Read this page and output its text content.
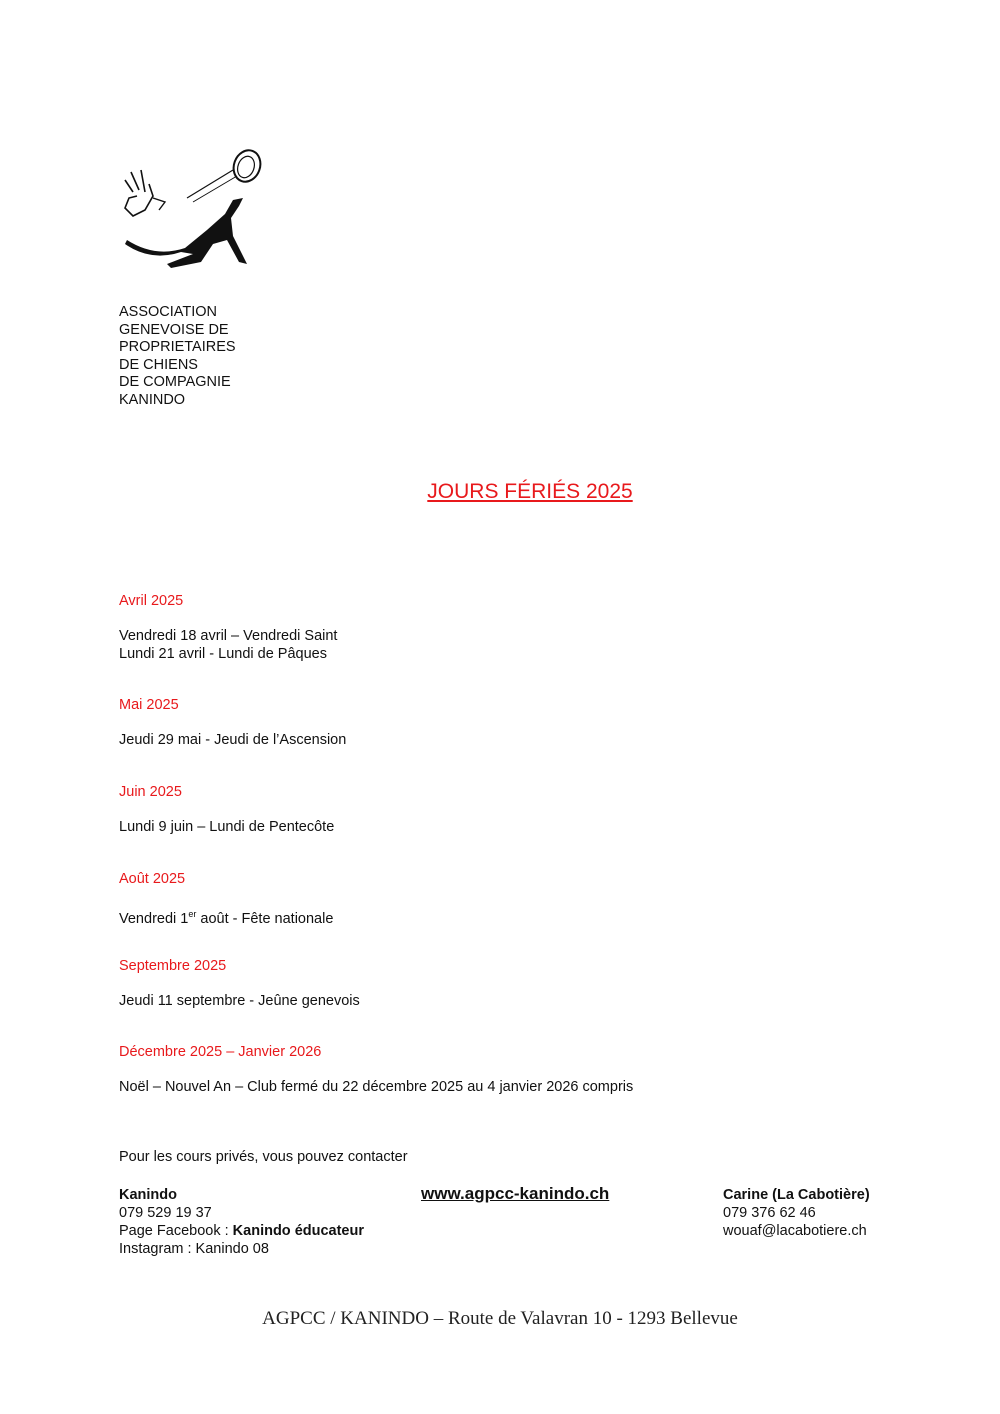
ASSOCIATION
GENEVOISE DE
PROPRIETAIRES
DE CHIENS
DE COMPAGNIE
KANINDO
JOURS FÉRIÉS 2025
Avril 2025
Vendredi 18 avril – Vendredi Saint
Lundi 21 avril - Lundi de Pâques
Mai 2025
Jeudi 29 mai - Jeudi de l’Ascension
Juin 2025
Lundi 9 juin – Lundi de Pentecôte
Août 2025
Vendredi 1er août - Fête nationale
Septembre 2025
Jeudi 11 septembre - Jeûne genevois
Décembre 2025 – Janvier 2026
Noël – Nouvel An – Club fermé du 22 décembre 2025 au 4 janvier 2026 compris
Pour les cours privés, vous pouvez contacter
Kanindo
079 529 19 37
Page Facebook : Kanindo éducateur
Instagram : Kanindo 08
www.agpcc-kanindo.ch	Carine (La Cabotière)
079 376 62 46
wouaf@lacabotiere.ch
AGPCC / KANINDO – Route de Valavran 10 - 1293 Bellevue
